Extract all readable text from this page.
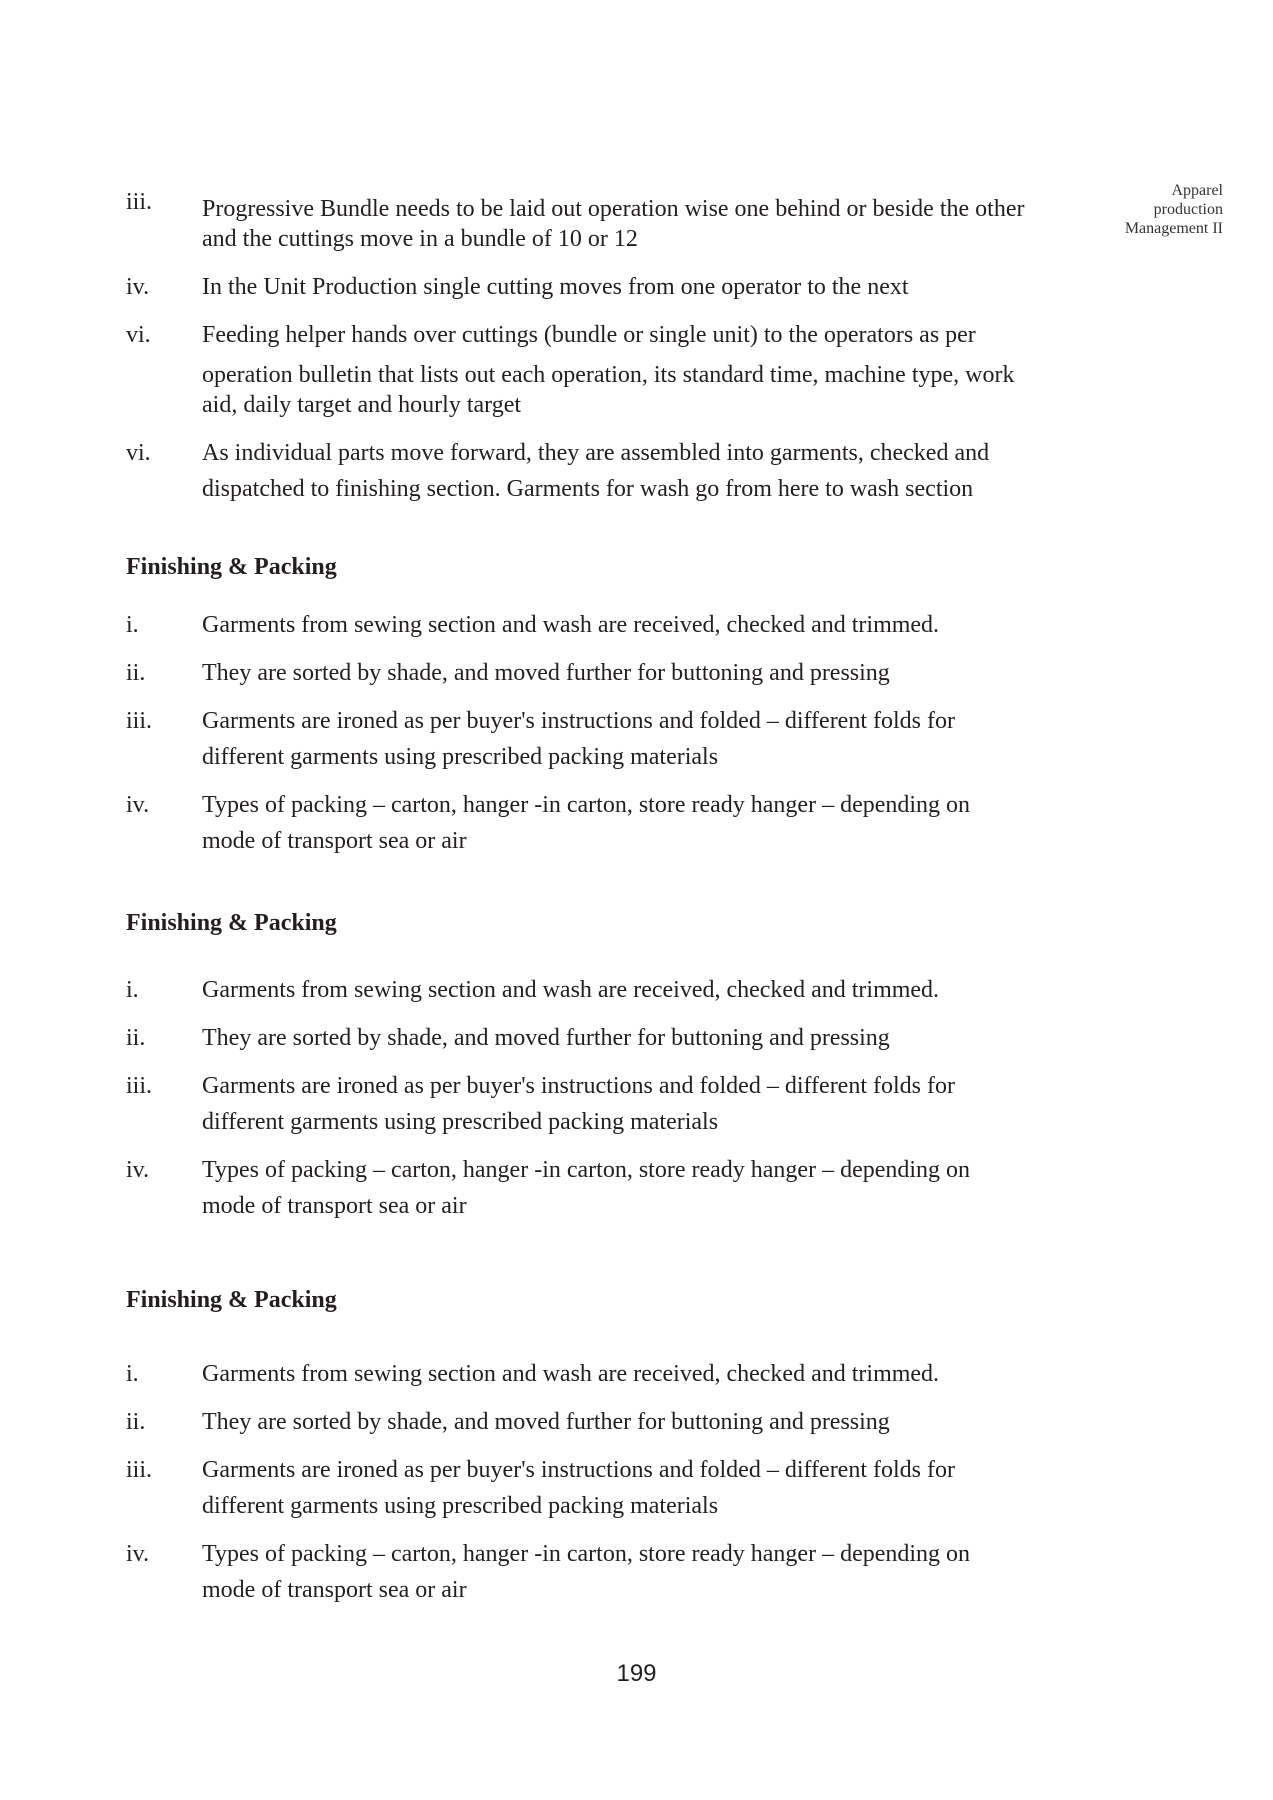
Apparel
production
Management II
iii. Progressive Bundle needs to be laid out operation wise one behind or beside the other
and the cuttings move in a bundle of 10 or 12
iv. In the Unit Production single cutting moves from one operator to the next
vi. Feeding helper hands over cuttings (bundle or single unit) to the operators as per
operation bulletin that lists out each operation, its standard time, machine type, work
aid, daily target and hourly target
vi. As individual parts move forward, they are assembled into garments, checked and
dispatched to finishing section. Garments for wash go from here to wash section
Finishing & Packing
i.	Garments from sewing section and wash are received, checked and trimmed.
ii. They are sorted by shade, and moved further for buttoning and pressing
iii. Garments are ironed as per buyer's instructions and folded – different folds for
different garments using prescribed packing materials
iv. Types of packing – carton, hanger -in carton, store ready hanger – depending on
mode of transport sea or air
Finishing & Packing
i.	Garments from sewing section and wash are received, checked and trimmed.
ii. They are sorted by shade, and moved further for buttoning and pressing
iii. Garments are ironed as per buyer's instructions and folded – different folds for
different garments using prescribed packing materials
iv. Types of packing – carton, hanger -in carton, store ready hanger – depending on
mode of transport sea or air
Finishing & Packing
i.	Garments from sewing section and wash are received, checked and trimmed.
ii. They are sorted by shade, and moved further for buttoning and pressing
iii. Garments are ironed as per buyer's instructions and folded – different folds for
different garments using prescribed packing materials
iv. Types of packing – carton, hanger -in carton, store ready hanger – depending on
mode of transport sea or air
199
